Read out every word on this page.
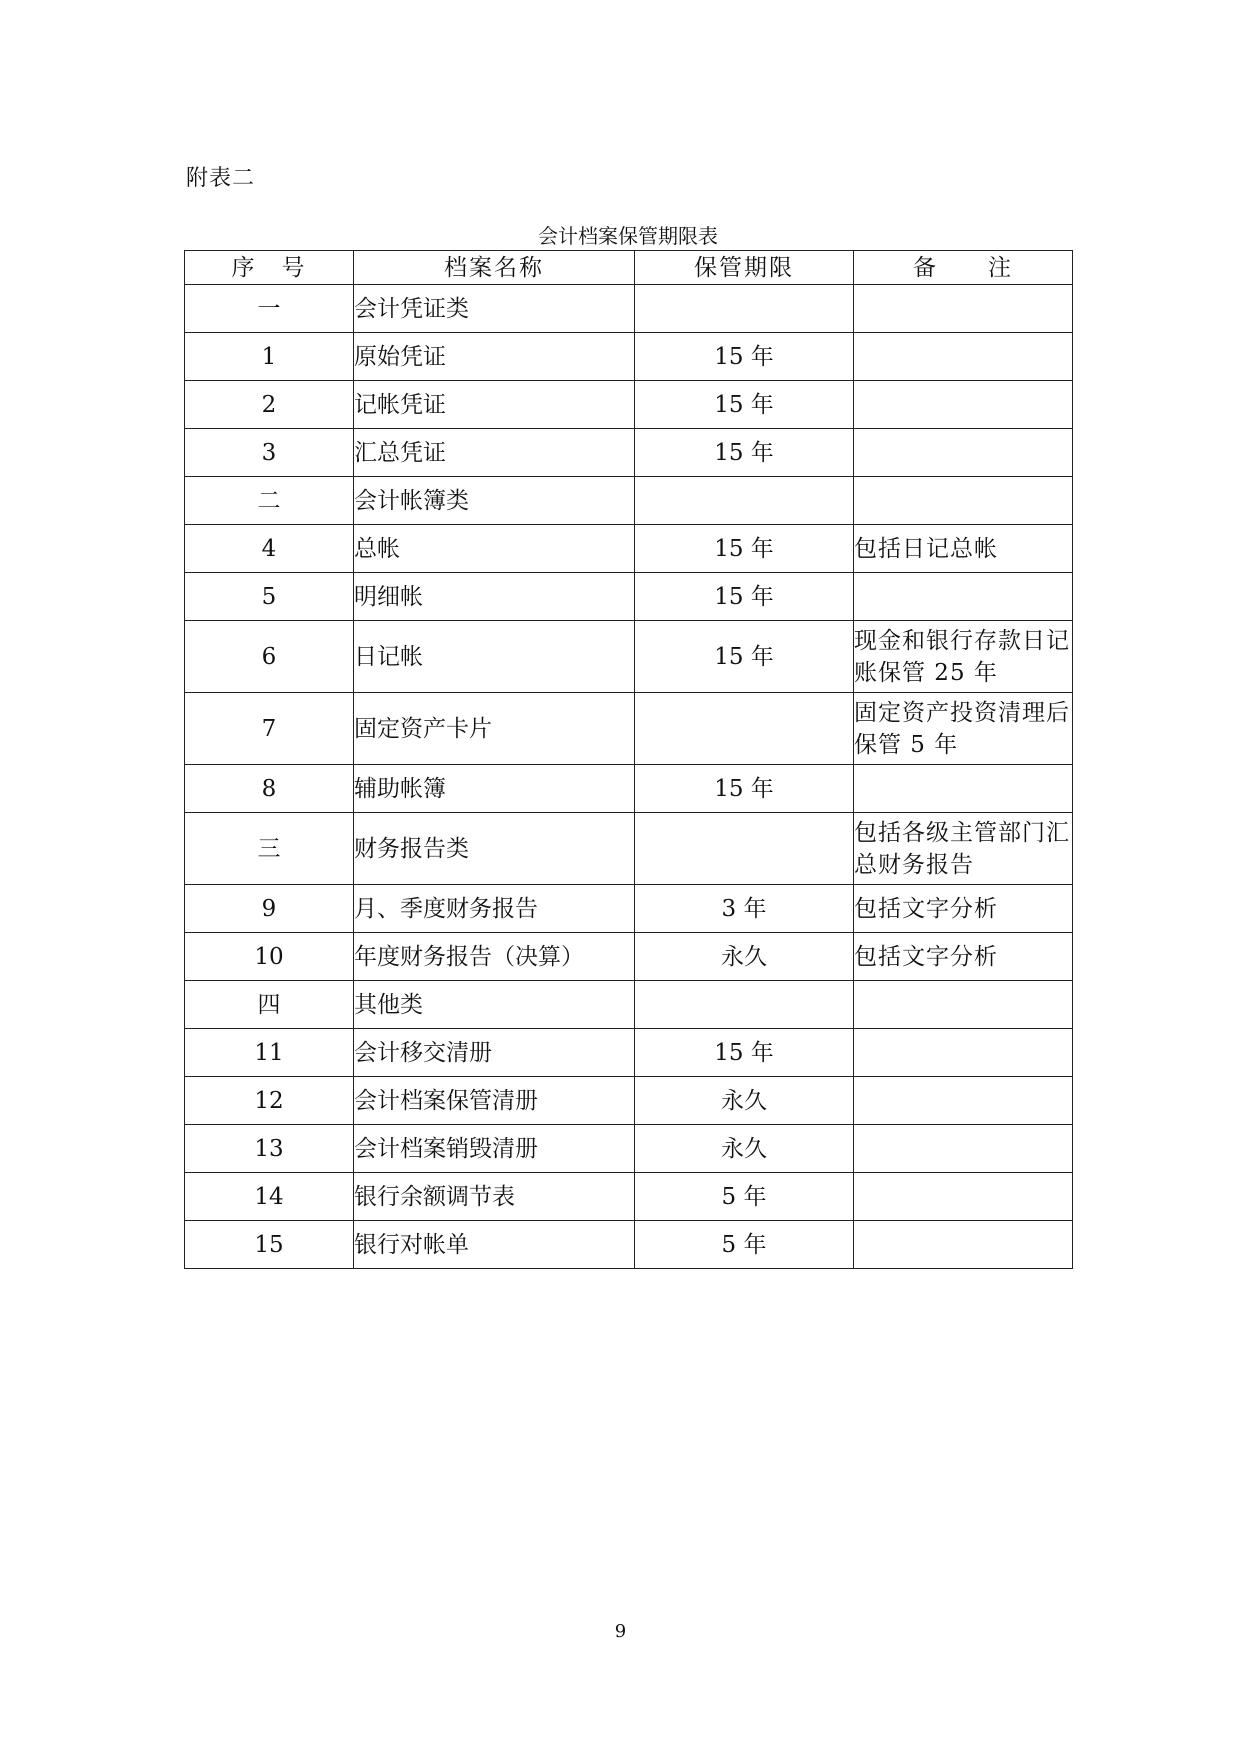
附表二
会计档案保管期限表
序　号	档案名称	保管期限	备　　注
一	会计凭证类		
1	原始凭证	15 年	
2	记帐凭证	15 年	
3	汇总凭证	15 年	
二	会计帐簿类		
4	总帐	15 年	包括日记总帐
5	明细帐	15 年	
6	日记帐	15 年	现金和银行存款日记账保管 25 年
7	固定资产卡片		固定资产投资清理后保管 5 年
8	辅助帐簿	15 年	
三	财务报告类		包括各级主管部门汇总财务报告
9	月、季度财务报告	3 年	包括文字分析
10	年度财务报告（决算）	永久	包括文字分析
四	其他类		
11	会计移交清册	15 年	
12	会计档案保管清册	永久	
13	会计档案销毁清册	永久	
14	银行余额调节表	5 年	
15	银行对帐单	5 年	
9
